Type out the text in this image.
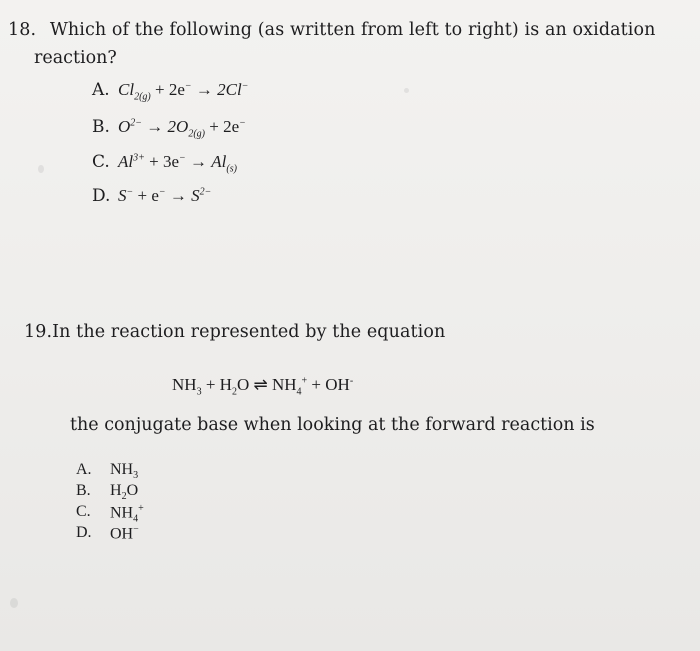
18. Which of the following (as written from left to right) is an oxidation
reaction?
A. $Cl_{2(g)} + 2e^- \to 2Cl^-$
B. $O^{2-} \to 2O_{2(g)} + 2e^-$
C. $Al^{3+} + 3e^- \to Al_{(s)}$
D. $S^- + e^- \to S^{2-}$
19.In the reaction represented by the equation
$NH_3 + H_2O$ ⇌ $NH_4^+ + OH^-$
the conjugate base when looking at the forward reaction is
A.	$NH_3$
B.	$H_2O$
C.	$NH_4^+$
D.	OH−
